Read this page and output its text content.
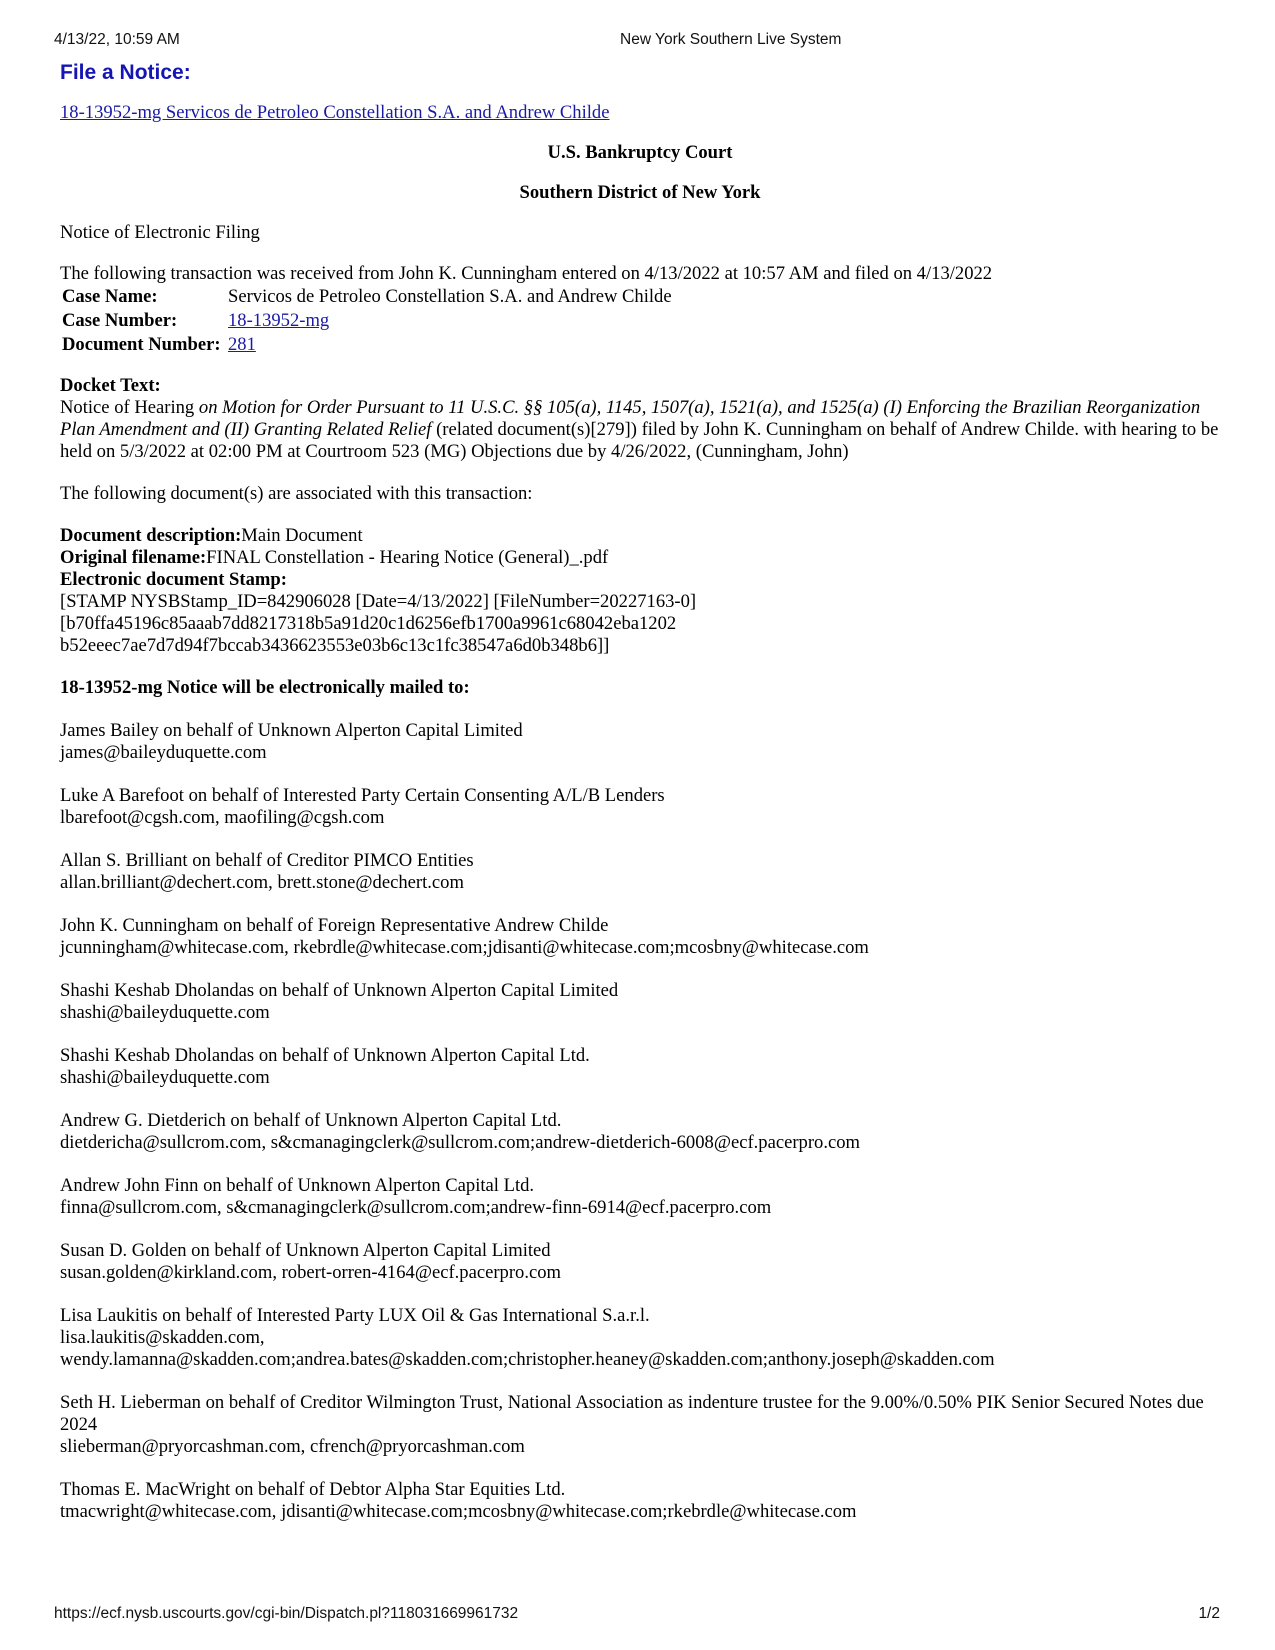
4/13/22, 10:59 AM	New York Southern Live System
File a Notice:
18-13952-mg Servicos de Petroleo Constellation S.A. and Andrew Childe
U.S. Bankruptcy Court
Southern District of New York
Notice of Electronic Filing
The following transaction was received from John K. Cunningham entered on 4/13/2022 at 10:57 AM and filed on 4/13/2022
Case Name:	Servicos de Petroleo Constellation S.A. and Andrew Childe
Case Number:	18-13952-mg
Document Number:	281
Docket Text:
Notice of Hearing on Motion for Order Pursuant to 11 U.S.C. §§ 105(a), 1145, 1507(a), 1521(a), and 1525(a) (I) Enforcing the Brazilian Reorganization Plan Amendment and (II) Granting Related Relief (related document(s)[279]) filed by John K. Cunningham on behalf of Andrew Childe. with hearing to be held on 5/3/2022 at 02:00 PM at Courtroom 523 (MG) Objections due by 4/26/2022, (Cunningham, John)
The following document(s) are associated with this transaction:
Document description:Main Document
Original filename:FINAL Constellation - Hearing Notice (General)_.pdf
Electronic document Stamp:
[STAMP NYSBStamp_ID=842906028 [Date=4/13/2022] [FileNumber=20227163-0]
[b70ffa45196c85aaab7dd8217318b5a91d20c1d6256efb1700a9961c68042eba1202
b52eeec7ae7d7d94f7bccab3436623553e03b6c13c1fc38547a6d0b348b6]]
18-13952-mg Notice will be electronically mailed to:
James Bailey on behalf of Unknown Alperton Capital Limited
james@baileyduquette.com
Luke A Barefoot on behalf of Interested Party Certain Consenting A/L/B Lenders
lbarefoot@cgsh.com, maofiling@cgsh.com
Allan S. Brilliant on behalf of Creditor PIMCO Entities
allan.brilliant@dechert.com, brett.stone@dechert.com
John K. Cunningham on behalf of Foreign Representative Andrew Childe
jcunningham@whitecase.com, rkebrdle@whitecase.com;jdisanti@whitecase.com;mcosbny@whitecase.com
Shashi Keshab Dholandas on behalf of Unknown Alperton Capital Limited
shashi@baileyduquette.com
Shashi Keshab Dholandas on behalf of Unknown Alperton Capital Ltd.
shashi@baileyduquette.com
Andrew G. Dietderich on behalf of Unknown Alperton Capital Ltd.
dietdericha@sullcrom.com, s&cmanagingclerk@sullcrom.com;andrew-dietderich-6008@ecf.pacerpro.com
Andrew John Finn on behalf of Unknown Alperton Capital Ltd.
finna@sullcrom.com, s&cmanagingclerk@sullcrom.com;andrew-finn-6914@ecf.pacerpro.com
Susan D. Golden on behalf of Unknown Alperton Capital Limited
susan.golden@kirkland.com, robert-orren-4164@ecf.pacerpro.com
Lisa Laukitis on behalf of Interested Party LUX Oil & Gas International S.a.r.l.
lisa.laukitis@skadden.com,
wendy.lamanna@skadden.com;andrea.bates@skadden.com;christopher.heaney@skadden.com;anthony.joseph@skadden.com
Seth H. Lieberman on behalf of Creditor Wilmington Trust, National Association as indenture trustee for the 9.00%/0.50% PIK Senior Secured Notes due 2024
slieberman@pryorcashman.com, cfrench@pryorcashman.com
Thomas E. MacWright on behalf of Debtor Alpha Star Equities Ltd.
tmacwright@whitecase.com, jdisanti@whitecase.com;mcosbny@whitecase.com;rkebrdle@whitecase.com
https://ecf.nysb.uscourts.gov/cgi-bin/Dispatch.pl?118031669961732	1/2
